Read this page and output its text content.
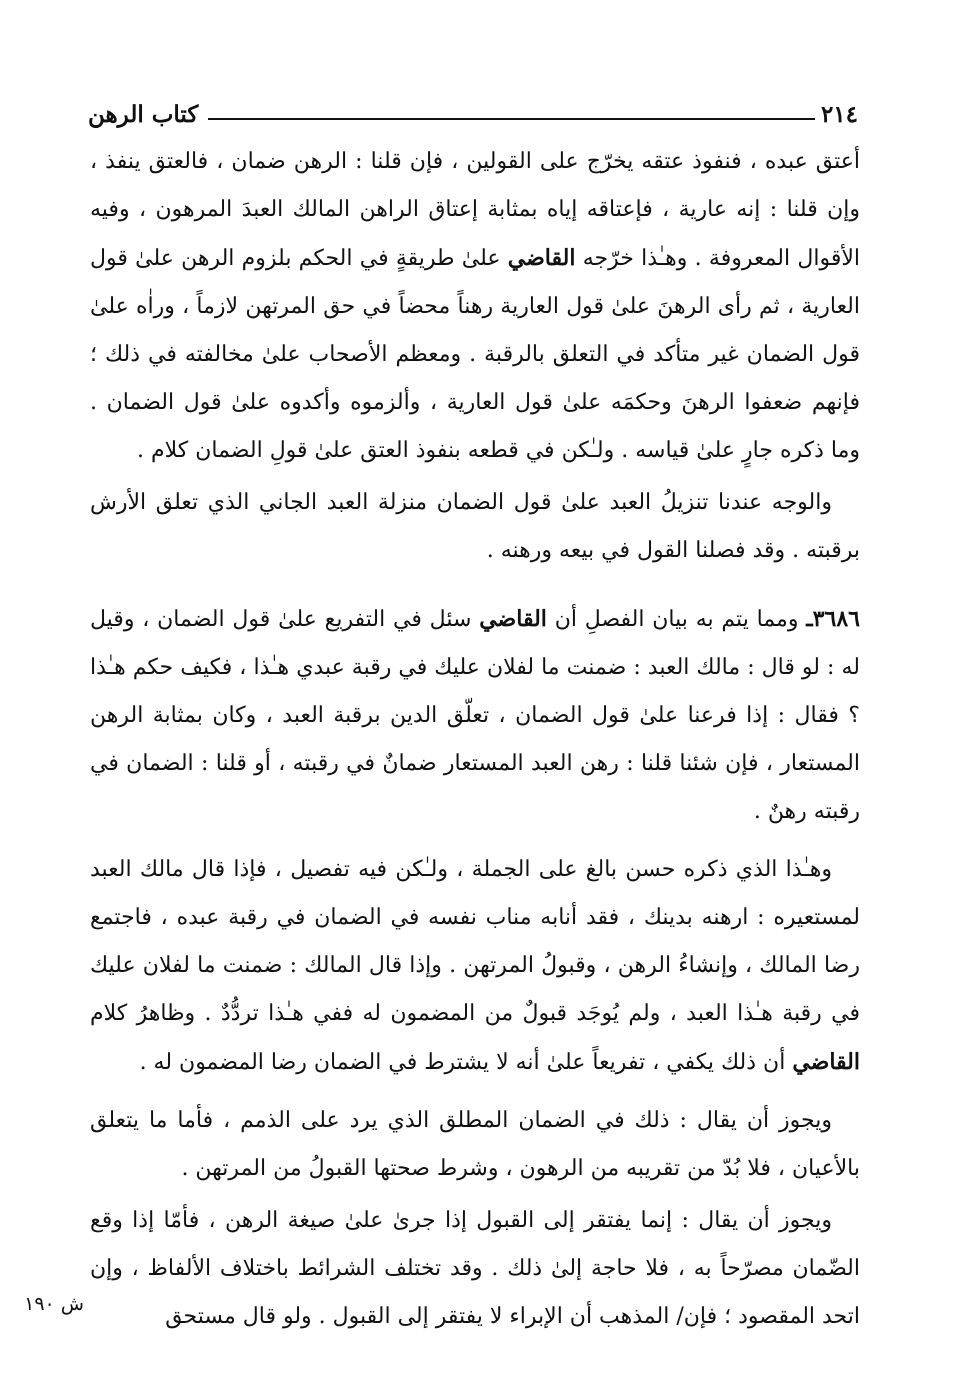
٢١٤
كتاب الرهن

أعتق عبده ، فنفوذ عتقه يخرّج على القولين ، فإن قلنا : الرهن ضمان ، فالعتق ينفذ ، وإن قلنا : إنه عارية ، فإعتاقه إياه بمثابة إعتاق الراهن المالك العبدَ المرهون ، وفيه الأقوال المعروفة . وهـٰذا خرّجه القاضي علىٰ طريقةٍ في الحكم بلزوم الرهن علىٰ قول العارية ، ثم رأى الرهنَ علىٰ قول العارية رهناً محضاً في حق المرتهن لازماً ، وراٰه علىٰ قول الضمان غير متأكد في التعلق بالرقبة . ومعظم الأصحاب علىٰ مخالفته في ذلك ؛ فإنهم ضعفوا الرهنَ وحكمَه علىٰ قول العارية ، وألزموه وأكدوه علىٰ قول الضمان . وما ذكره جارٍ علىٰ قياسه . ولـٰكن في قطعه بنفوذ العتق علىٰ قولِ الضمان كلام .

والوجه عندنا تنزيلُ العبد علىٰ قول الضمان منزلة العبد الجاني الذي تعلق الأرش برقبته . وقد فصلنا القول في بيعه ورهنه .

٣٦٨٦ـ ومما يتم به بيان الفصلِ أن القاضي سئل في التفريع علىٰ قول الضمان ، وقيل له : لو قال : مالك العبد : ضمنت ما لفلان عليك في رقبة عبدي هـٰذا ، فكيف حكم هـٰذا ؟ فقال : إذا فرعنا علىٰ قول الضمان ، تعلّق الدين برقبة العبد ، وكان بمثابة الرهن المستعار ، فإن شئنا قلنا : رهن العبد المستعار ضمانٌ في رقبته ، أو قلنا : الضمان في رقبته رهنٌ .

وهـٰذا الذي ذكره حسن بالغ على الجملة ، ولـٰكن فيه تفصيل ، فإذا قال مالك العبد لمستعيره : ارهنه بدينك ، فقد أنابه مناب نفسه في الضمان في رقبة عبده ، فاجتمع رضا المالك ، وإنشاءُ الرهن ، وقبولُ المرتهن . وإذا قال المالك : ضمنت ما لفلان عليك في رقبة هـٰذا العبد ، ولم يُوجَد قبولٌ من المضمون له ففي هـٰذا تردُّدٌ . وظاهرُ كلام القاضي أن ذلك يكفي ، تفريعاً علىٰ أنه لا يشترط في الضمان رضا المضمون له .

ويجوز أن يقال : ذلك في الضمان المطلق الذي يرد على الذمم ، فأما ما يتعلق بالأعيان ، فلا بُدّ من تقريبه من الرهون ، وشرط صحتها القبولُ من المرتهن .

ويجوز أن يقال : إنما يفتقر إلى القبول إذا جرىٰ علىٰ صيغة الرهن ، فأمّا إذا وقع الضّمان مصرّحاً به ، فلا حاجة إلىٰ ذلك . وقد تختلف الشرائط باختلاف الألفاظ ، وإن اتحد المقصود ؛ فإن/ المذهب أن الإبراء لا يفتقر إلى القبول . ولو قال مستحق

ش ١٩٠
